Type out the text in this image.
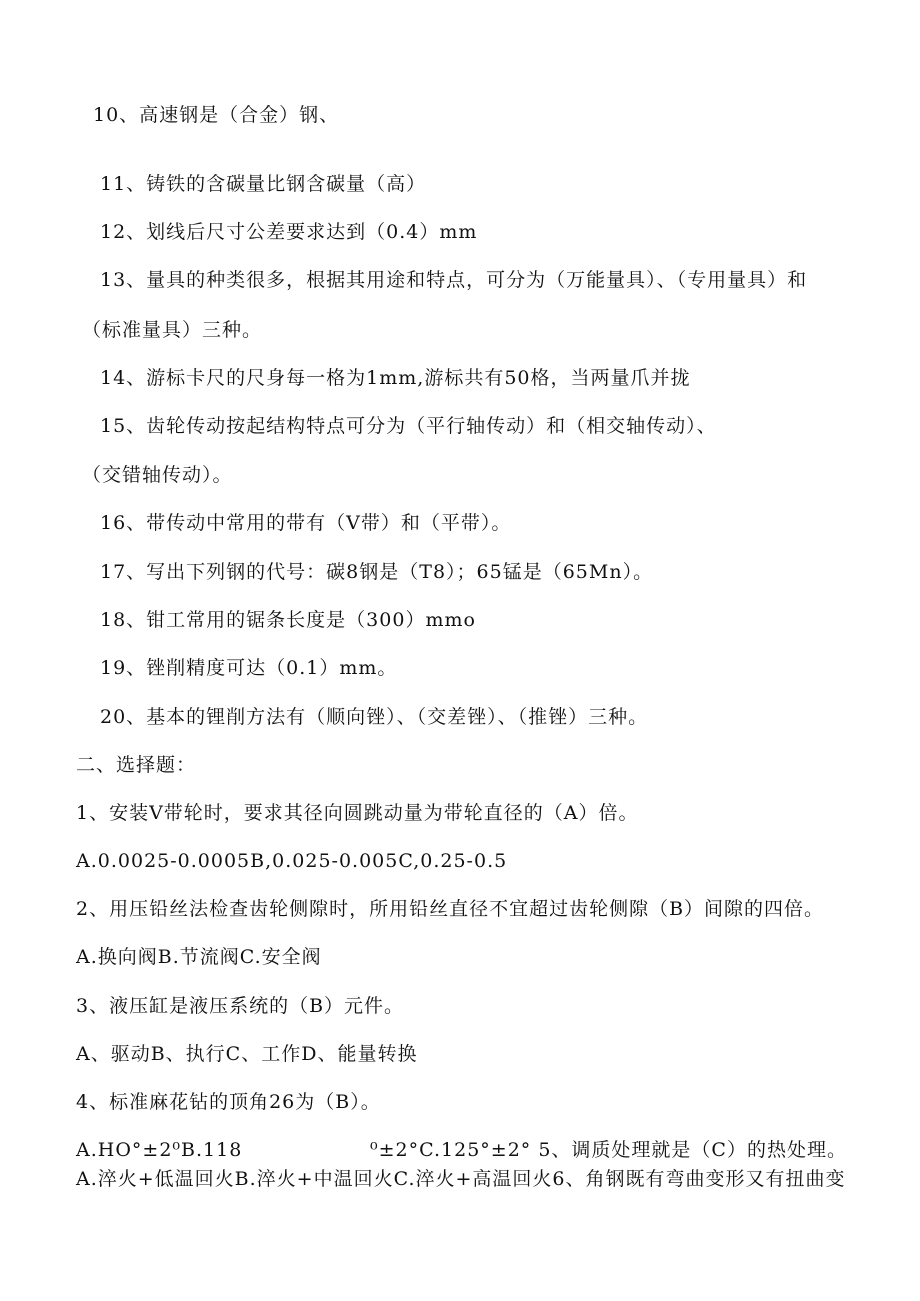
10、高速钢是（合金）钢、
11、铸铁的含碳量比钢含碳量（高）
12、划线后尺寸公差要求达到（0.4）mm
13、量具的种类很多，根据其用途和特点，可分为（万能量具）、（专用量具）和
（标准量具）三种。
14、游标卡尺的尺身每一格为1mm,游标共有50格，当两量爪并拢
15、齿轮传动按起结构特点可分为（平行轴传动）和（相交轴传动）、
（交错轴传动）。
16、带传动中常用的带有（V带）和（平带）。
17、写出下列钢的代号：碳8钢是（T8）；65锰是（65Mn）。
18、钳工常用的锯条长度是（300）mmo
19、锉削精度可达（0.1）mm。
20、基本的锂削方法有（顺向锉）、（交差锉）、（推锉）三种。
二、选择题：
1、安装V带轮时，要求其径向圆跳动量为带轮直径的（A）倍。
A.0.0025-0.0005B,0.025-0.005C,0.25-0.5
2、用压铅丝法检查齿轮侧隙时，所用铅丝直径不宜超过齿轮侧隙（B）间隙的四倍。
A.换向阀B.节流阀C.安全阀
3、液压缸是液压系统的（B）元件。
A、驱动B、执行C、工作D、能量转换
4、标准麻花钻的顶角26为（B）。
A.HO°±2⁰B.118	⁰±2°C.125°±2° 5、调质处理就是（C）的热处理。
A.淬火+低温回火B.淬火+中温回火C.淬火+高温回火6、角钢既有弯曲变形又有扭曲变
